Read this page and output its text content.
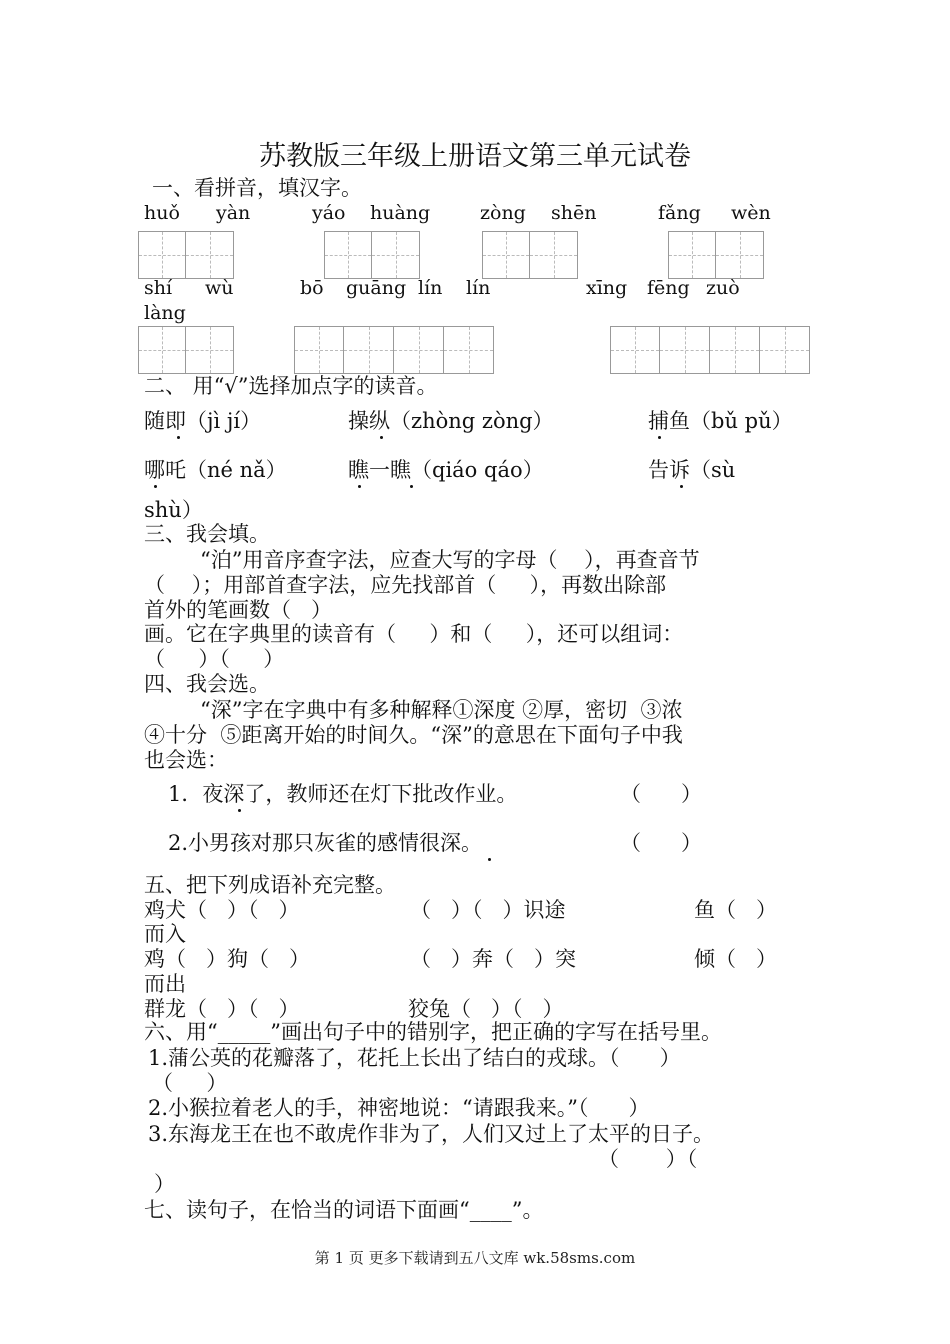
苏教版三年级上册语文第三单元试卷
一、看拼音，填汉字。
huǒ yàn	yáo huàng	zòng shēn	fǎng wèn
shí wù	bō guāng lín lín	xīng fēng zuò
làng
二、 用“√”选择加点字的读音。
随即（jì jí）	操纵（zhòng zòng）	捕鱼（bǔ pǔ）
哪吒（né nǎ）	瞧一瞧（qiáo qáo）	告诉（sù
shù）
三、我会填。
“泊”用音序查字法，应查大写的字母（    ），再查音节
（    ）；用部首查字法，应先找部首（     ），再数出除部
首外的笔画数（   ）
画。它在字典里的读音有（     ）和（     ），还可以组词：
（     ）（     ）
四、我会选。
“深”字在字典中有多种解释①深度 ②厚，密切  ③浓
④十分  ⑤距离开始的时间久。“深”的意思在下面句子中我
也会选：
1．夜深了，教师还在灯下批改作业。	（      ）
2.小男孩对那只灰雀的感情很深。	（      ）
五、把下列成语补充完整。
鸡犬（   ）（   ）	（   ）（   ）识途	鱼（   ）
而入
鸡（   ）狗（   ）	（   ）奔（   ）突	倾（   ）
而出
群龙（   ）（   ）	狡兔（   ）（   ）
六、用“_____”画出句子中的错别字，把正确的字写在括号里。
1.蒲公英的花瓣落了，花托上长出了结白的戎球。（      ）
（     ）
2.小猴拉着老人的手，神密地说：“请跟我来。”（      ）
3.东海龙王在也不敢虎作非为了，人们又过上了太平的日子。
（       ）（
）
七、读句子，在恰当的词语下面画“____”。
第 1 页 更多下载请到五八文库 wk.58sms.com
